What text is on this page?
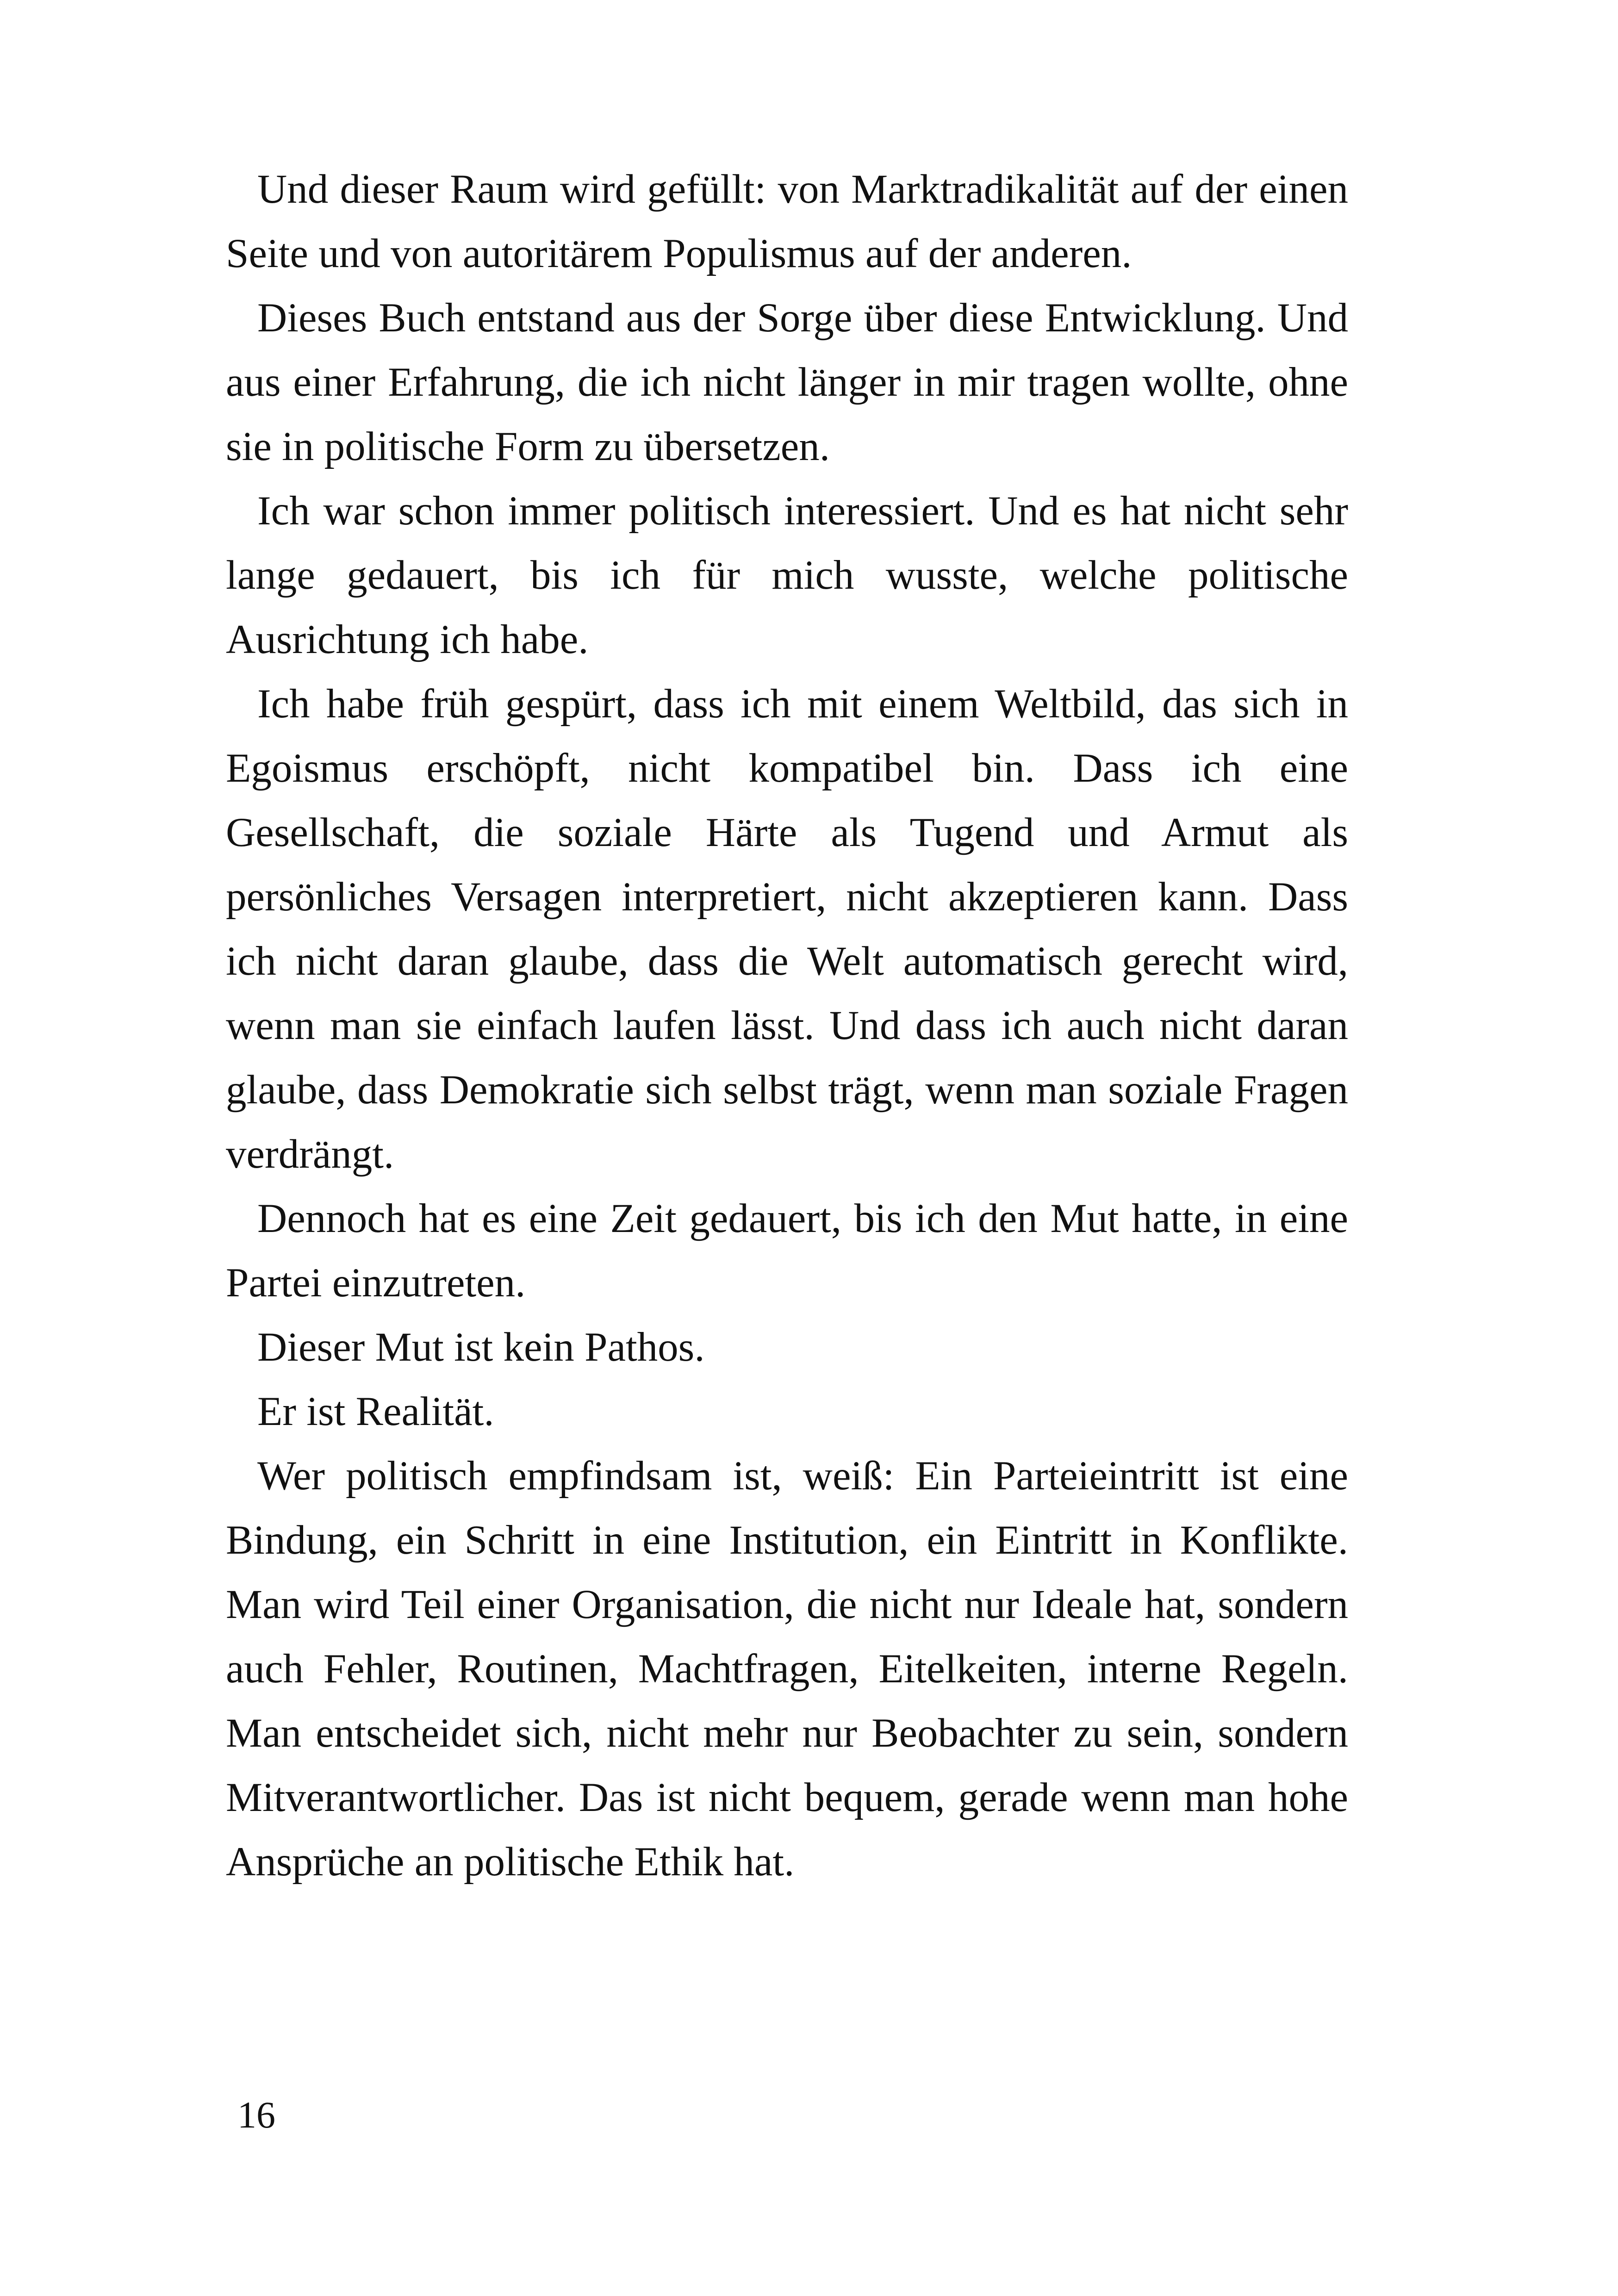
Und dieser Raum wird gefüllt: von Marktradikalität auf der einen Seite und von autoritärem Populismus auf der anderen.

Dieses Buch entstand aus der Sorge über diese Entwicklung. Und aus einer Erfahrung, die ich nicht länger in mir tragen wollte, ohne sie in politische Form zu übersetzen.

Ich war schon immer politisch interessiert. Und es hat nicht sehr lange gedauert, bis ich für mich wusste, welche politische Ausrichtung ich habe.

Ich habe früh gespürt, dass ich mit einem Weltbild, das sich in Egoismus erschöpft, nicht kompatibel bin. Dass ich eine Gesellschaft, die soziale Härte als Tugend und Armut als persönliches Versagen interpretiert, nicht akzeptieren kann. Dass ich nicht daran glaube, dass die Welt automatisch gerecht wird, wenn man sie einfach laufen lässt. Und dass ich auch nicht daran glaube, dass Demokratie sich selbst trägt, wenn man soziale Fragen verdrängt.

Dennoch hat es eine Zeit gedauert, bis ich den Mut hatte, in eine Partei einzutreten.

Dieser Mut ist kein Pathos.

Er ist Realität.

Wer politisch empfindsam ist, weiß: Ein Parteieintritt ist eine Bindung, ein Schritt in eine Institution, ein Eintritt in Konflikte. Man wird Teil einer Organisation, die nicht nur Ideale hat, sondern auch Fehler, Routinen, Machtfragen, Eitelkeiten, interne Regeln. Man entscheidet sich, nicht mehr nur Beobachter zu sein, sondern Mitverantwortlicher. Das ist nicht bequem, gerade wenn man hohe Ansprüche an politische Ethik hat.

16
